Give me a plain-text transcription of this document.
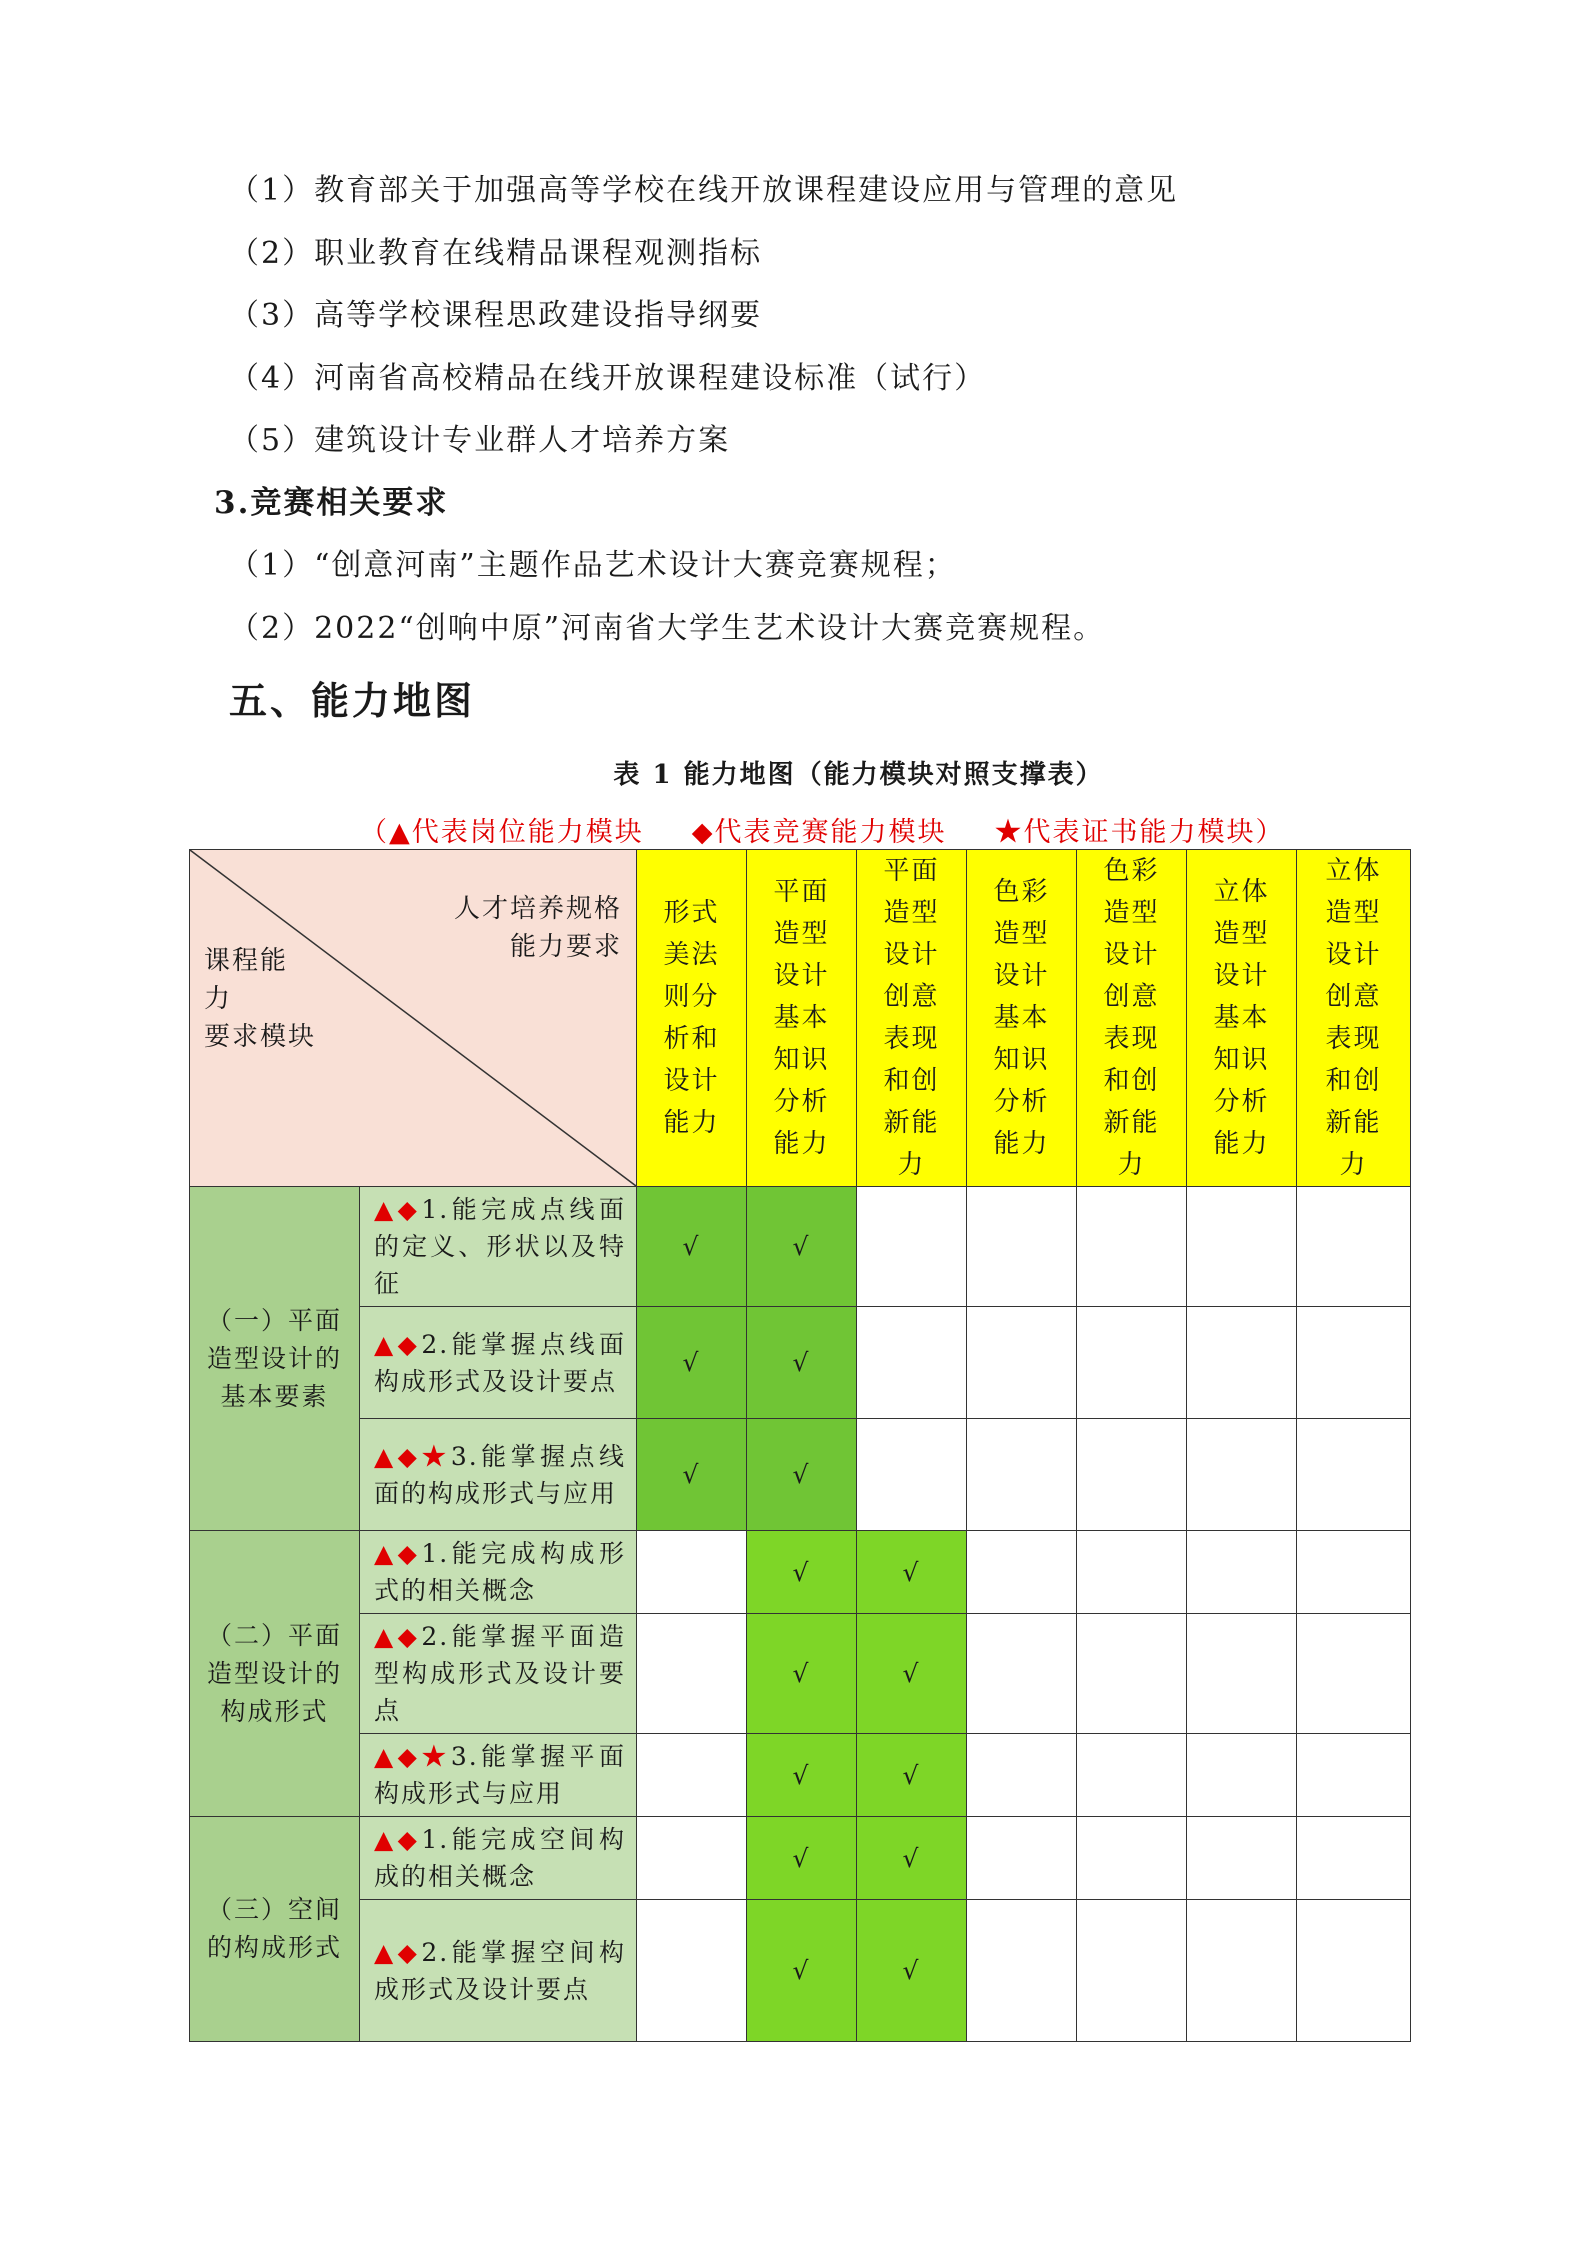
（1）教育部关于加强高等学校在线开放课程建设应用与管理的意见
（2）职业教育在线精品课程观测指标
（3）高等学校课程思政建设指导纲要
（4）河南省高校精品在线开放课程建设标准（试行）
（5）建筑设计专业群人才培养方案
3.竞赛相关要求
（1）“创意河南”主题作品艺术设计大赛竞赛规程；
（2）2022“创响中原”河南省大学生艺术设计大赛竞赛规程。
五、能力地图
表 1 能力地图（能力模块对照支撑表）
（▲代表岗位能力模块 ◆代表竞赛能力模块 ★代表证书能力模块）
人才培养规格
能力要求
课程能
力
要求模块		形式美法则分析和设计能力	平面造型设计基本知识分析能力	平面造型设计创意表现和创新能力	色彩造型设计基本知识分析能力	色彩造型设计创意表现和创新能力	立体造型设计基本知识分析能力	立体造型设计创意表现和创新能力
（一）平面造型设计的基本要素	▲◆1.能完成点线面的定义、形状以及特征	√	√					
	▲◆2.能掌握点线面构成形式及设计要点	√	√					
	▲◆★3.能掌握点线面的构成形式与应用	√	√					
（二）平面造型设计的构成形式	▲◆1.能完成构成形式的相关概念		√	√				
	▲◆2.能掌握平面造型构成形式及设计要点		√	√				
	▲◆★3.能掌握平面构成形式与应用		√	√				
（三）空间的构成形式	▲◆1.能完成空间构成的相关概念		√	√				
	▲◆2.能掌握空间构成形式及设计要点		√	√				
